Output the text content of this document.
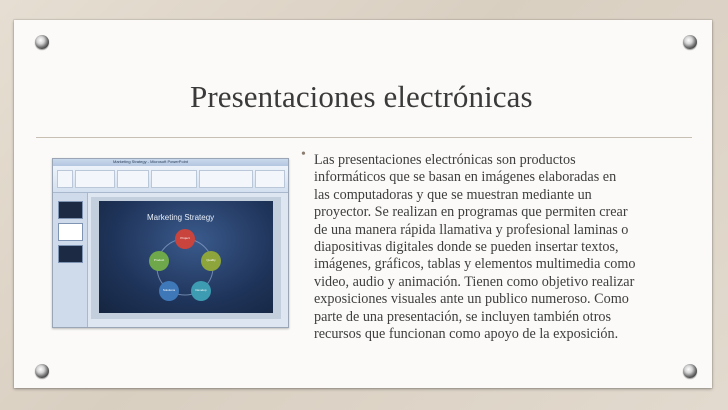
Presentaciones electrónicas
Marketing Strategy - Microsoft PowerPoint
Marketing Strategy
Project
Product	Quality
Solutions	Develop
• Las presentaciones electrónicas son productos
informáticos que se basan en imágenes elaboradas en
las computadoras y que se muestran mediante un
proyector. Se realizan en programas que permiten crear
de una manera rápida llamativa y profesional laminas o
diapositivas digitales donde se pueden insertar textos,
imágenes, gráficos, tablas y elementos multimedia como
video, audio y animación. Tienen como objetivo realizar
exposiciones visuales ante un publico numeroso. Como
parte de una presentación, se incluyen también otros
recursos que funcionan como apoyo de la exposición.
